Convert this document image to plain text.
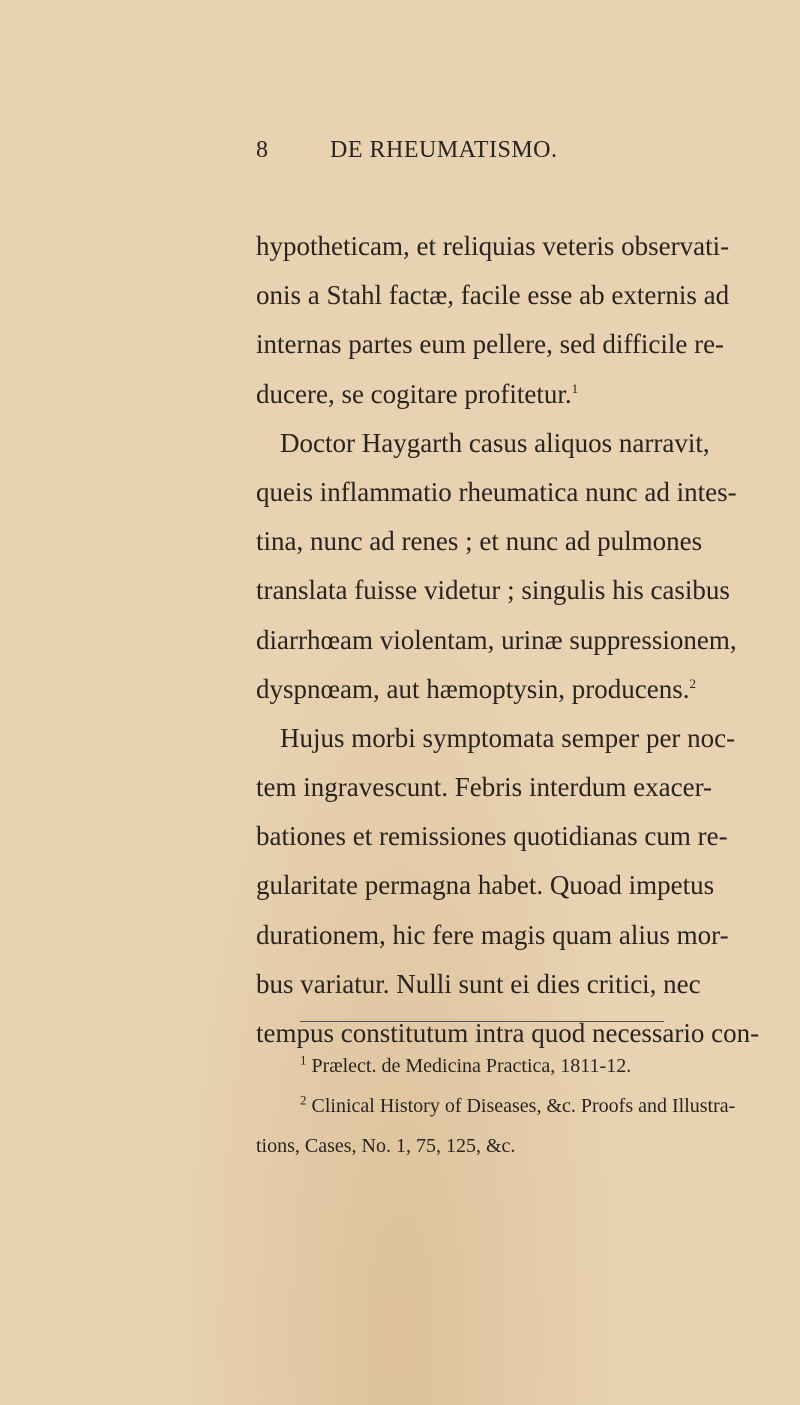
8	DE RHEUMATISMO.
hypotheticam, et reliquias veteris observati-
onis a Stahl factæ, facile esse ab externis ad
internas partes eum pellere, sed difficile re-
ducere, se cogitare profitetur.$^1$
Doctor Haygarth casus aliquos narravit,
queis inflammatio rheumatica nunc ad intes-
tina, nunc ad renes ; et nunc ad pulmones
translata fuisse videtur ; singulis his casibus
diarrhœam violentam, urinæ suppressionem,
dyspnœam, aut hæmoptysin, producens.$^2$
Hujus morbi symptomata semper per noc-
tem ingravescunt. Febris interdum exacer-
bationes et remissiones quotidianas cum re-
gularitate permagna habet. Quoad impetus
durationem, hic fere magis quam alius mor-
bus variatur. Nulli sunt ei dies critici, nec
tempus constitutum intra quod necessario con-
$^1$ Prælect. de Medicina Practica, 1811-12.
$^2$ Clinical History of Diseases, &c. Proofs and Illustra-
tions, Cases, No. 1, 75, 125, &c.
